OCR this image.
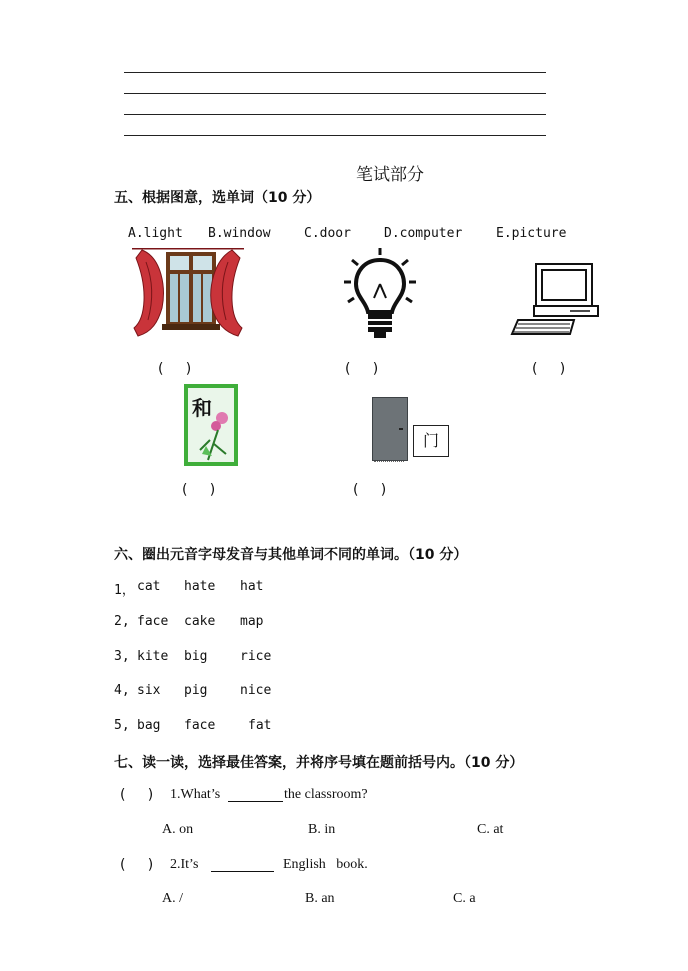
笔试部分
五、根据图意，选单词（10 分）
A.light B.window	C.door	D.computer	E.picture
(     )	(     )	(     )
和
门
(     )	(     )
六、圈出元音字母发音与其他单词不同的单词。（10 分）
1， cat hate hat
2, face cake map
3, kite big	rice
4, six pig	nice
5, bag face	fat
七、读一读，选择最佳答案，并将序号填在题前括号内。（10 分）
(     ) 1.What’s	the classroom?
A. on	B. in	C. at
(     ) 2.It’s	English   book.
A. /	B. an	C. a
